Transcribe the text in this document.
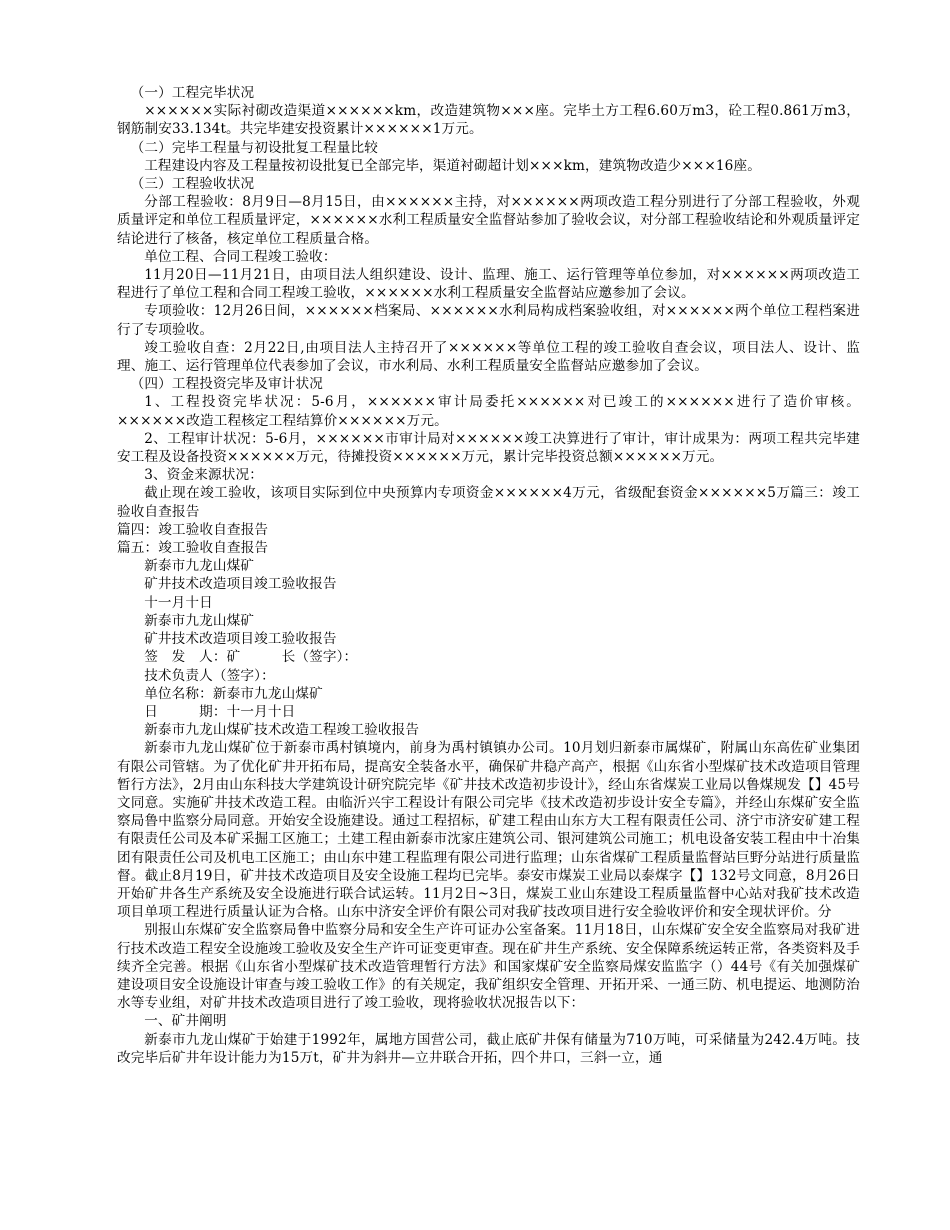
（一）工程完毕状况

××××××实际衬砌改造渠道××××××km，改造建筑物×××座。完毕土方工程6.60万m3，砼工程0.861万m3，钢筋制安33.134t。共完毕建安投资累计××××××1万元。

（二）完毕工程量与初设批复工程量比较

工程建设内容及工程量按初设批复已全部完毕，渠道衬砌超计划×××km，建筑物改造少×××16座。

（三）工程验收状况

分部工程验收：8月9日—8月15日，由××××××主持，对××××××两项改造工程分别进行了分部工程验收，外观质量评定和单位工程质量评定，××××××水利工程质量安全监督站参加了验收会议，对分部工程验收结论和外观质量评定结论进行了核备，核定单位工程质量合格。

单位工程、合同工程竣工验收：

11月20日—11月21日，由项目法人组织建设、设计、监理、施工、运行管理等单位参加，对××××××两项改造工程进行了单位工程和合同工程竣工验收，××××××水利工程质量安全监督站应邀参加了会议。

专项验收：12月26日间，××××××档案局、××××××水利局构成档案验收组，对××××××两个单位工程档案进行了专项验收。

竣工验收自查：2月22日,由项目法人主持召开了××××××等单位工程的竣工验收自查会议，项目法人、设计、监理、施工、运行管理单位代表参加了会议，市水利局、水利工程质量安全监督站应邀参加了会议。

（四）工程投资完毕及审计状况

1、工程投资完毕状况：5-6月，××××××审计局委托××××××对已竣工的××××××进行了造价审核。××××××改造工程核定工程结算价××××××万元。

2、工程审计状况：5-6月，××××××市审计局对××××××竣工决算进行了审计，审计成果为：两项工程共完毕建安工程及设备投资××××××万元，待摊投资××××××万元，累计完毕投资总额××××××万元。

3、资金来源状况：

截止现在竣工验收，该项目实际到位中央预算内专项资金××××××4万元，省级配套资金××××××5万篇三：竣工验收自查报告

篇四：竣工验收自查报告

篇五：竣工验收自查报告

新泰市九龙山煤矿

矿井技术改造项目竣工验收报告

十一月十日

新泰市九龙山煤矿

矿井技术改造项目竣工验收报告

签　发　人：矿　　　长（签字）：

技术负责人（签字）：

单位名称：新泰市九龙山煤矿

日　　　期：十一月十日

新泰市九龙山煤矿技术改造工程竣工验收报告

新泰市九龙山煤矿位于新泰市禹村镇境内，前身为禹村镇镇办公司。10月划归新泰市属煤矿，附属山东高佐矿业集团有限公司管辖。为了优化矿井开拓布局，提高安全装备水平，确保矿井稳产高产，根据《山东省小型煤矿技术改造项目管理暂行方法》，2月由山东科技大学建筑设计研究院完毕《矿井技术改造初步设计》，经山东省煤炭工业局以鲁煤规发【】45号文同意。实施矿井技术改造工程。由临沂兴宇工程设计有限公司完毕《技术改造初步设计安全专篇》，并经山东煤矿安全监察局鲁中监察分局同意。开始安全设施建设。通过工程招标，矿建工程由山东方大工程有限责任公司、济宁市济安矿建工程有限责任公司及本矿采掘工区施工；土建工程由新泰市沈家庄建筑公司、银河建筑公司施工；机电设备安装工程由中十冶集团有限责任公司及机电工区施工；由山东中建工程监理有限公司进行监理；山东省煤矿工程质量监督站巨野分站进行质量监督。截止8月19日，矿井技术改造项目及安全设施工程均已完毕。泰安市煤炭工业局以泰煤字【】132号文同意，8月26日开始矿井各生产系统及安全设施进行联合试运转。11月2日~3日，煤炭工业山东建设工程质量监督中心站对我矿技术改造项目单项工程进行质量认证为合格。山东中济安全评价有限公司对我矿技改项目进行安全验收评价和安全现状评价。分

别报山东煤矿安全监察局鲁中监察分局和安全生产许可证办公室备案。11月18日，山东煤矿安全安全监察局对我矿进行技术改造工程安全设施竣工验收及安全生产许可证变更审查。现在矿井生产系统、安全保障系统运转正常，各类资料及手续齐全完善。根据《山东省小型煤矿技术改造管理暂行方法》和国家煤矿安全监察局煤安监监字（）44号《有关加强煤矿建设项目安全设施设计审查与竣工验收工作》的有关规定，我矿组织安全管理、开拓开采、一通三防、机电提运、地测防治水等专业组，对矿井技术改造项目进行了竣工验收，现将验收状况报告以下：

一、矿井阐明

新泰市九龙山煤矿于始建于1992年，属地方国营公司，截止底矿井保有储量为710万吨，可采储量为242.4万吨。技改完毕后矿井年设计能力为15万t，矿井为斜井—立井联合开拓，四个井口，三斜一立，通
